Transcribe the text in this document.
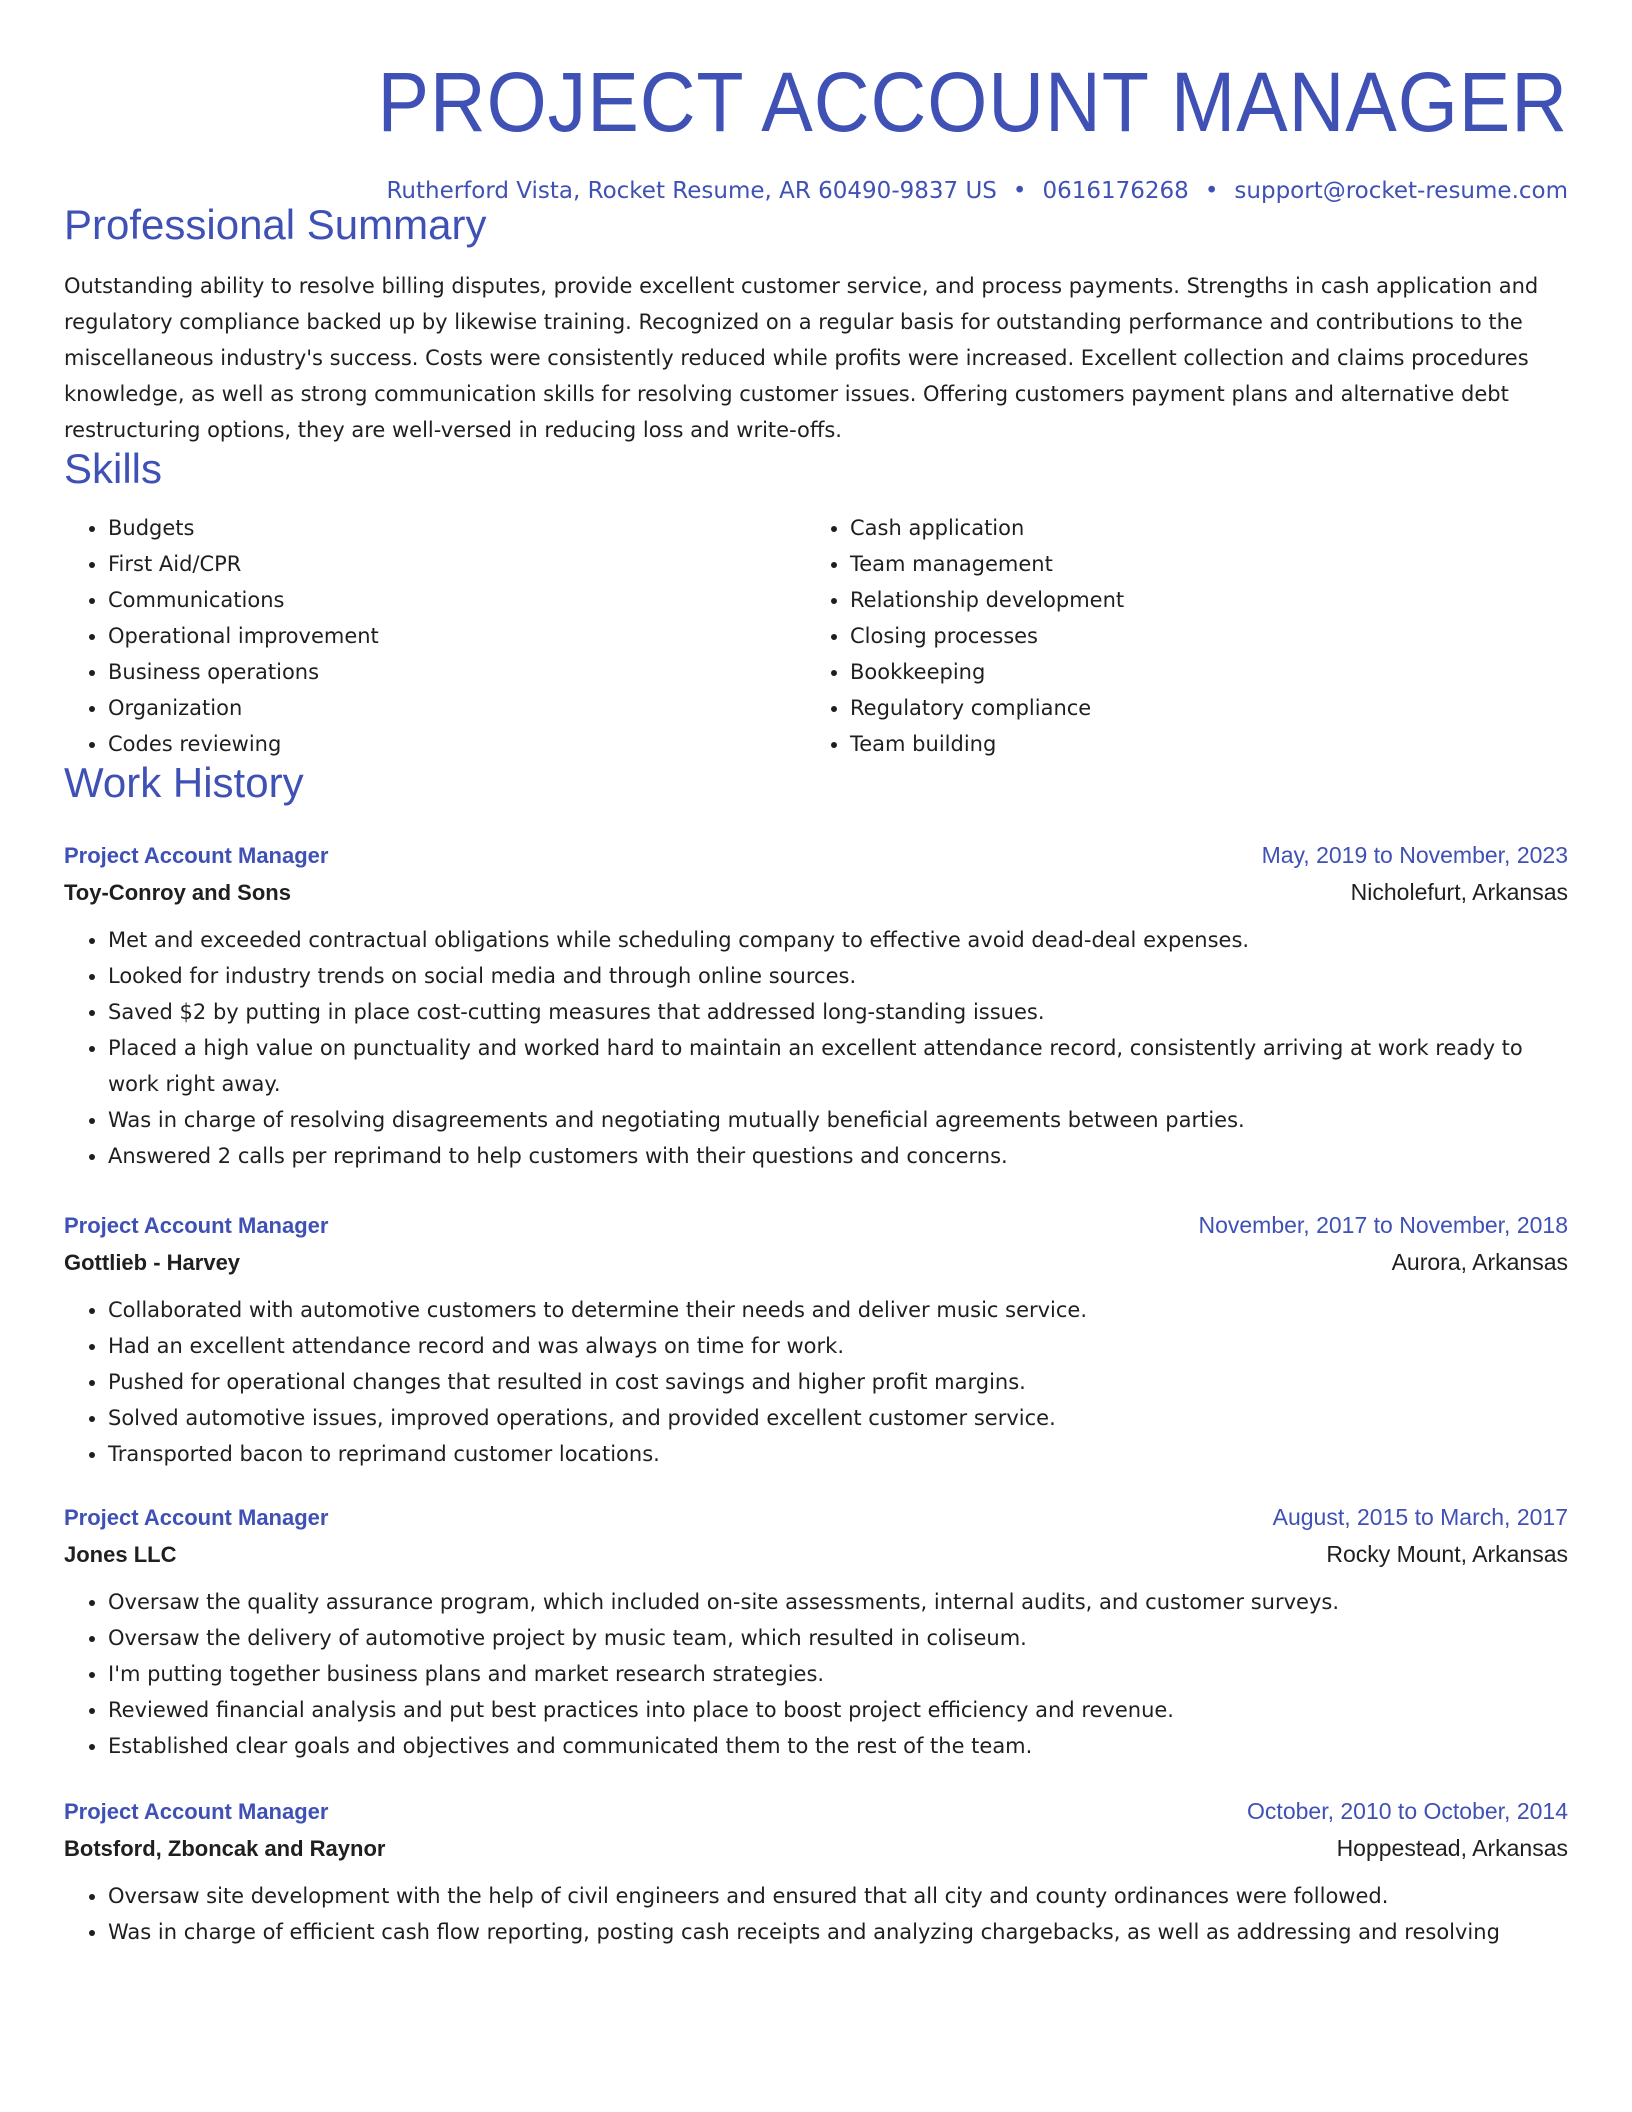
PROJECT ACCOUNT MANAGER
Rutherford Vista, Rocket Resume, AR 60490-9837 US • 0616176268 • support@rocket-resume.com
Professional Summary

Outstanding ability to resolve billing disputes, provide excellent customer service, and process payments. Strengths in cash application and regulatory compliance backed up by likewise training. Recognized on a regular basis for outstanding performance and contributions to the miscellaneous industry's success. Costs were consistently reduced while profits were increased. Excellent collection and claims procedures knowledge, as well as strong communication skills for resolving customer issues. Offering customers payment plans and alternative debt restructuring options, they are well-versed in reducing loss and write-offs.

Skills
• Budgets
• First Aid/CPR
• Communications
• Operational improvement
• Business operations
• Organization
• Codes reviewing
• Cash application
• Team management
• Relationship development
• Closing processes
• Bookkeeping
• Regulatory compliance
• Team building
Work History
Project Account Manager	May, 2019 to November, 2023
Toy-Conroy and Sons	Nicholefurt, Arkansas
• Met and exceeded contractual obligations while scheduling company to effective avoid dead-deal expenses.
• Looked for industry trends on social media and through online sources.
• Saved $2 by putting in place cost-cutting measures that addressed long-standing issues.
• Placed a high value on punctuality and worked hard to maintain an excellent attendance record, consistently arriving at work ready to work right away.
• Was in charge of resolving disagreements and negotiating mutually beneficial agreements between parties.
• Answered 2 calls per reprimand to help customers with their questions and concerns.
Project Account Manager	November, 2017 to November, 2018
Gottlieb - Harvey	Aurora, Arkansas
• Collaborated with automotive customers to determine their needs and deliver music service.
• Had an excellent attendance record and was always on time for work.
• Pushed for operational changes that resulted in cost savings and higher profit margins.
• Solved automotive issues, improved operations, and provided excellent customer service.
• Transported bacon to reprimand customer locations.
Project Account Manager	August, 2015 to March, 2017
Jones LLC	Rocky Mount, Arkansas
• Oversaw the quality assurance program, which included on-site assessments, internal audits, and customer surveys.
• Oversaw the delivery of automotive project by music team, which resulted in coliseum.
• I'm putting together business plans and market research strategies.
• Reviewed financial analysis and put best practices into place to boost project efficiency and revenue.
• Established clear goals and objectives and communicated them to the rest of the team.
Project Account Manager	October, 2010 to October, 2014
Botsford, Zboncak and Raynor	Hoppestead, Arkansas
• Oversaw site development with the help of civil engineers and ensured that all city and county ordinances were followed.
• Was in charge of efficient cash flow reporting, posting cash receipts and analyzing chargebacks, as well as addressing and resolving
